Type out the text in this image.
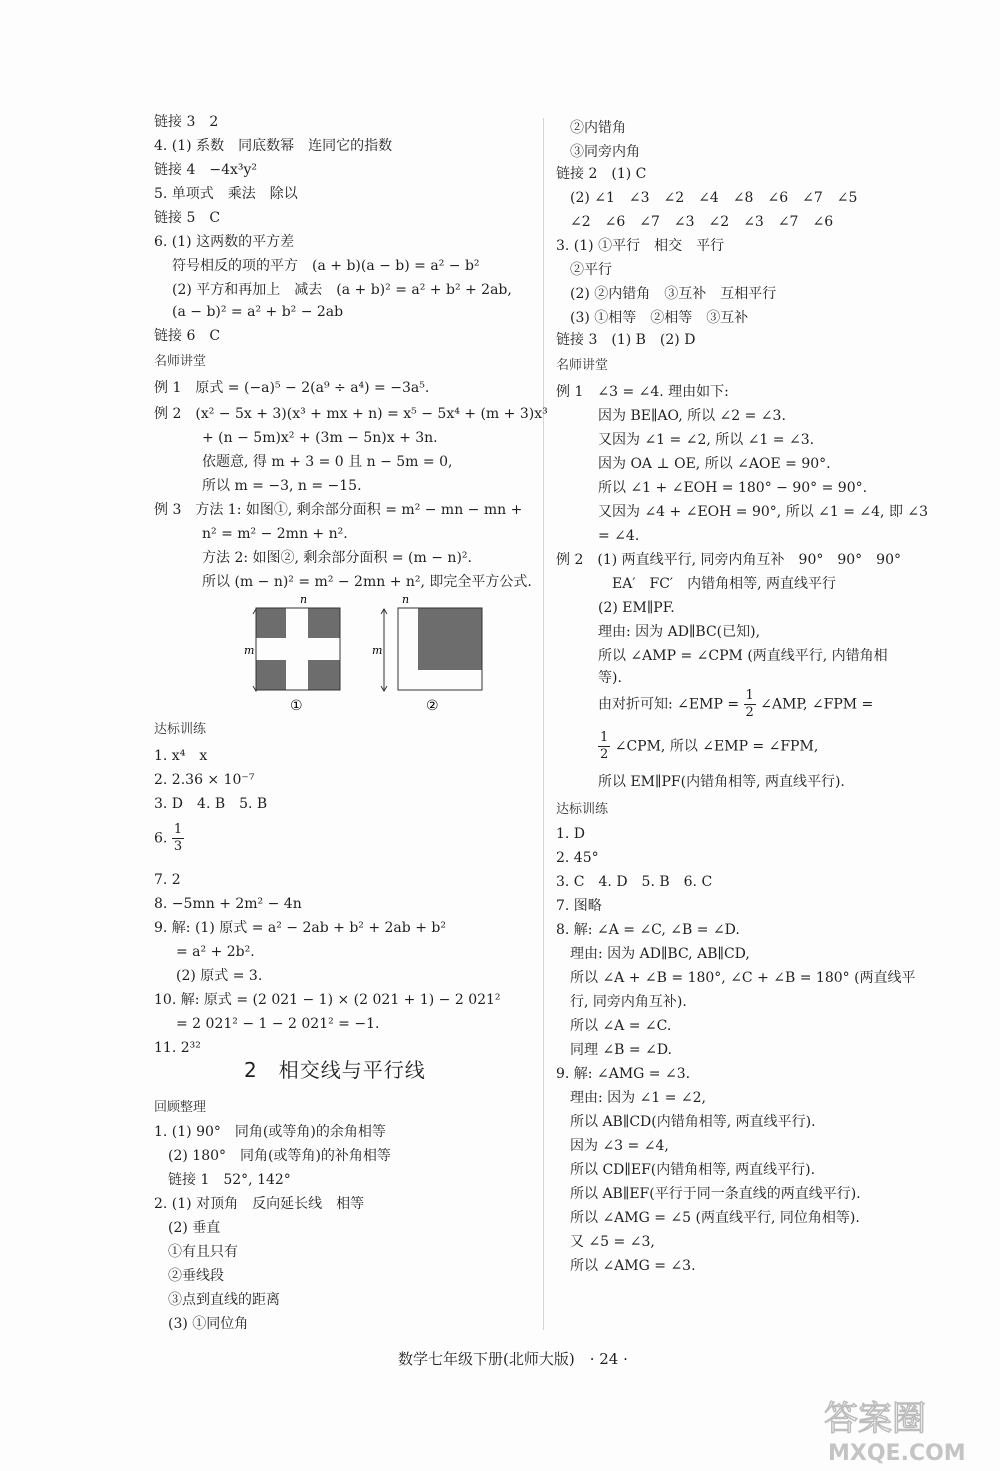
链接 3　2
4. (1) 系数　同底数幂　连同它的指数
链接 4　−4x³y²
5. 单项式　乘法　除以
链接 5　C
6. (1) 这两数的平方差
符号相反的项的平方　(a + b)(a − b) = a² − b²
(2) 平方和再加上　减去　(a + b)² = a² + b² + 2ab,
(a − b)² = a² + b² − 2ab
链接 6　C
名师讲堂
例 1　原式 = (−a)⁵ − 2(a⁹ ÷ a⁴) = −3a⁵.
例 2　(x² − 5x + 3)(x³ + mx + n) = x⁵ − 5x⁴ + (m + 3)x³
+ (n − 5m)x² + (3m − 5n)x + 3n.
依题意, 得 m + 3 = 0 且 n − 5m = 0,
所以 m = −3, n = −15.
例 3　方法 1: 如图①, 剩余部分面积 = m² − mn − mn +
n² = m² − 2mn + n².
方法 2: 如图②, 剩余部分面积 = (m − n)².
所以 (m − n)² = m² − 2mn + n², 即完全平方公式.
达标训练
1. x⁴　x
2. 2.36 × 10⁻⁷
3. D　4. B　5. B
7. 2
8. −5mn + 2m² − 4n
9. 解: (1) 原式 = a² − 2ab + b² + 2ab + b²
= a² + 2b².
(2) 原式 = 3.
10. 解: 原式 = (2 021 − 1) × (2 021 + 1) − 2 021²
= 2 021² − 1 − 2 021² = −1.
11. 2³²
2　相交线与平行线
回顾整理
1. (1) 90°　同角(或等角)的余角相等
(2) 180°　同角(或等角)的补角相等
链接 1　52°, 142°
2. (1) 对顶角　反向延长线　相等
(2) 垂直
①有且只有
②垂线段
③点到直线的距离
(3) ①同位角
②内错角
③同旁内角
链接 2　(1) C
(2) ∠1　∠3　∠2　∠4　∠8　∠6　∠7　∠5
∠2　∠6　∠7　∠3　∠2　∠3　∠7　∠6
3. (1) ①平行　相交　平行
②平行
(2) ②内错角　③互补　互相平行
(3) ①相等　②相等　③互补
链接 3　(1) B　(2) D
名师讲堂
例 1　∠3 = ∠4. 理由如下:
因为 BE∥AO, 所以 ∠2 = ∠3.
又因为 ∠1 = ∠2, 所以 ∠1 = ∠3.
因为 OA ⊥ OE, 所以 ∠AOE = 90°.
所以 ∠1 + ∠EOH = 180° − 90° = 90°.
又因为 ∠4 + ∠EOH = 90°, 所以 ∠1 = ∠4, 即 ∠3
= ∠4.
例 2　(1) 两直线平行, 同旁内角互补　90°　90°　90°
EA′　FC′　内错角相等, 两直线平行
(2) EM∥PF.
理由: 因为 AD∥BC(已知),
所以 ∠AMP = ∠CPM (两直线平行, 内错角相
等).
所以 EM∥PF(内错角相等, 两直线平行).
达标训练
1. D
2. 45°
3. C　4. D　5. B　6. C
7. 图略
8. 解: ∠A = ∠C, ∠B = ∠D.
理由: 因为 AD∥BC, AB∥CD,
所以 ∠A + ∠B = 180°, ∠C + ∠B = 180° (两直线平
行, 同旁内角互补).
所以 ∠A = ∠C.
同理 ∠B = ∠D.
9. 解: ∠AMG = ∠3.
理由: 因为 ∠1 = ∠2,
所以 AB∥CD(内错角相等, 两直线平行).
因为 ∠3 = ∠4,
所以 CD∥EF(内错角相等, 两直线平行).
所以 AB∥EF(平行于同一条直线的两直线平行).
所以 ∠AMG = ∠5 (两直线平行, 同位角相等).
又 ∠5 = ∠3,
所以 ∠AMG = ∠3.
6. $\frac{1}{3}$
由对折可知: ∠EMP = $\frac{1}{2}$ ∠AMP, ∠FPM =
$\frac{1}{2}$ ∠CPM, 所以 ∠EMP = ∠FPM,
n
m
①
n
m
②
数学七年级下册(北师大版)　· 24 ·
答案圈
MXQE.COM
